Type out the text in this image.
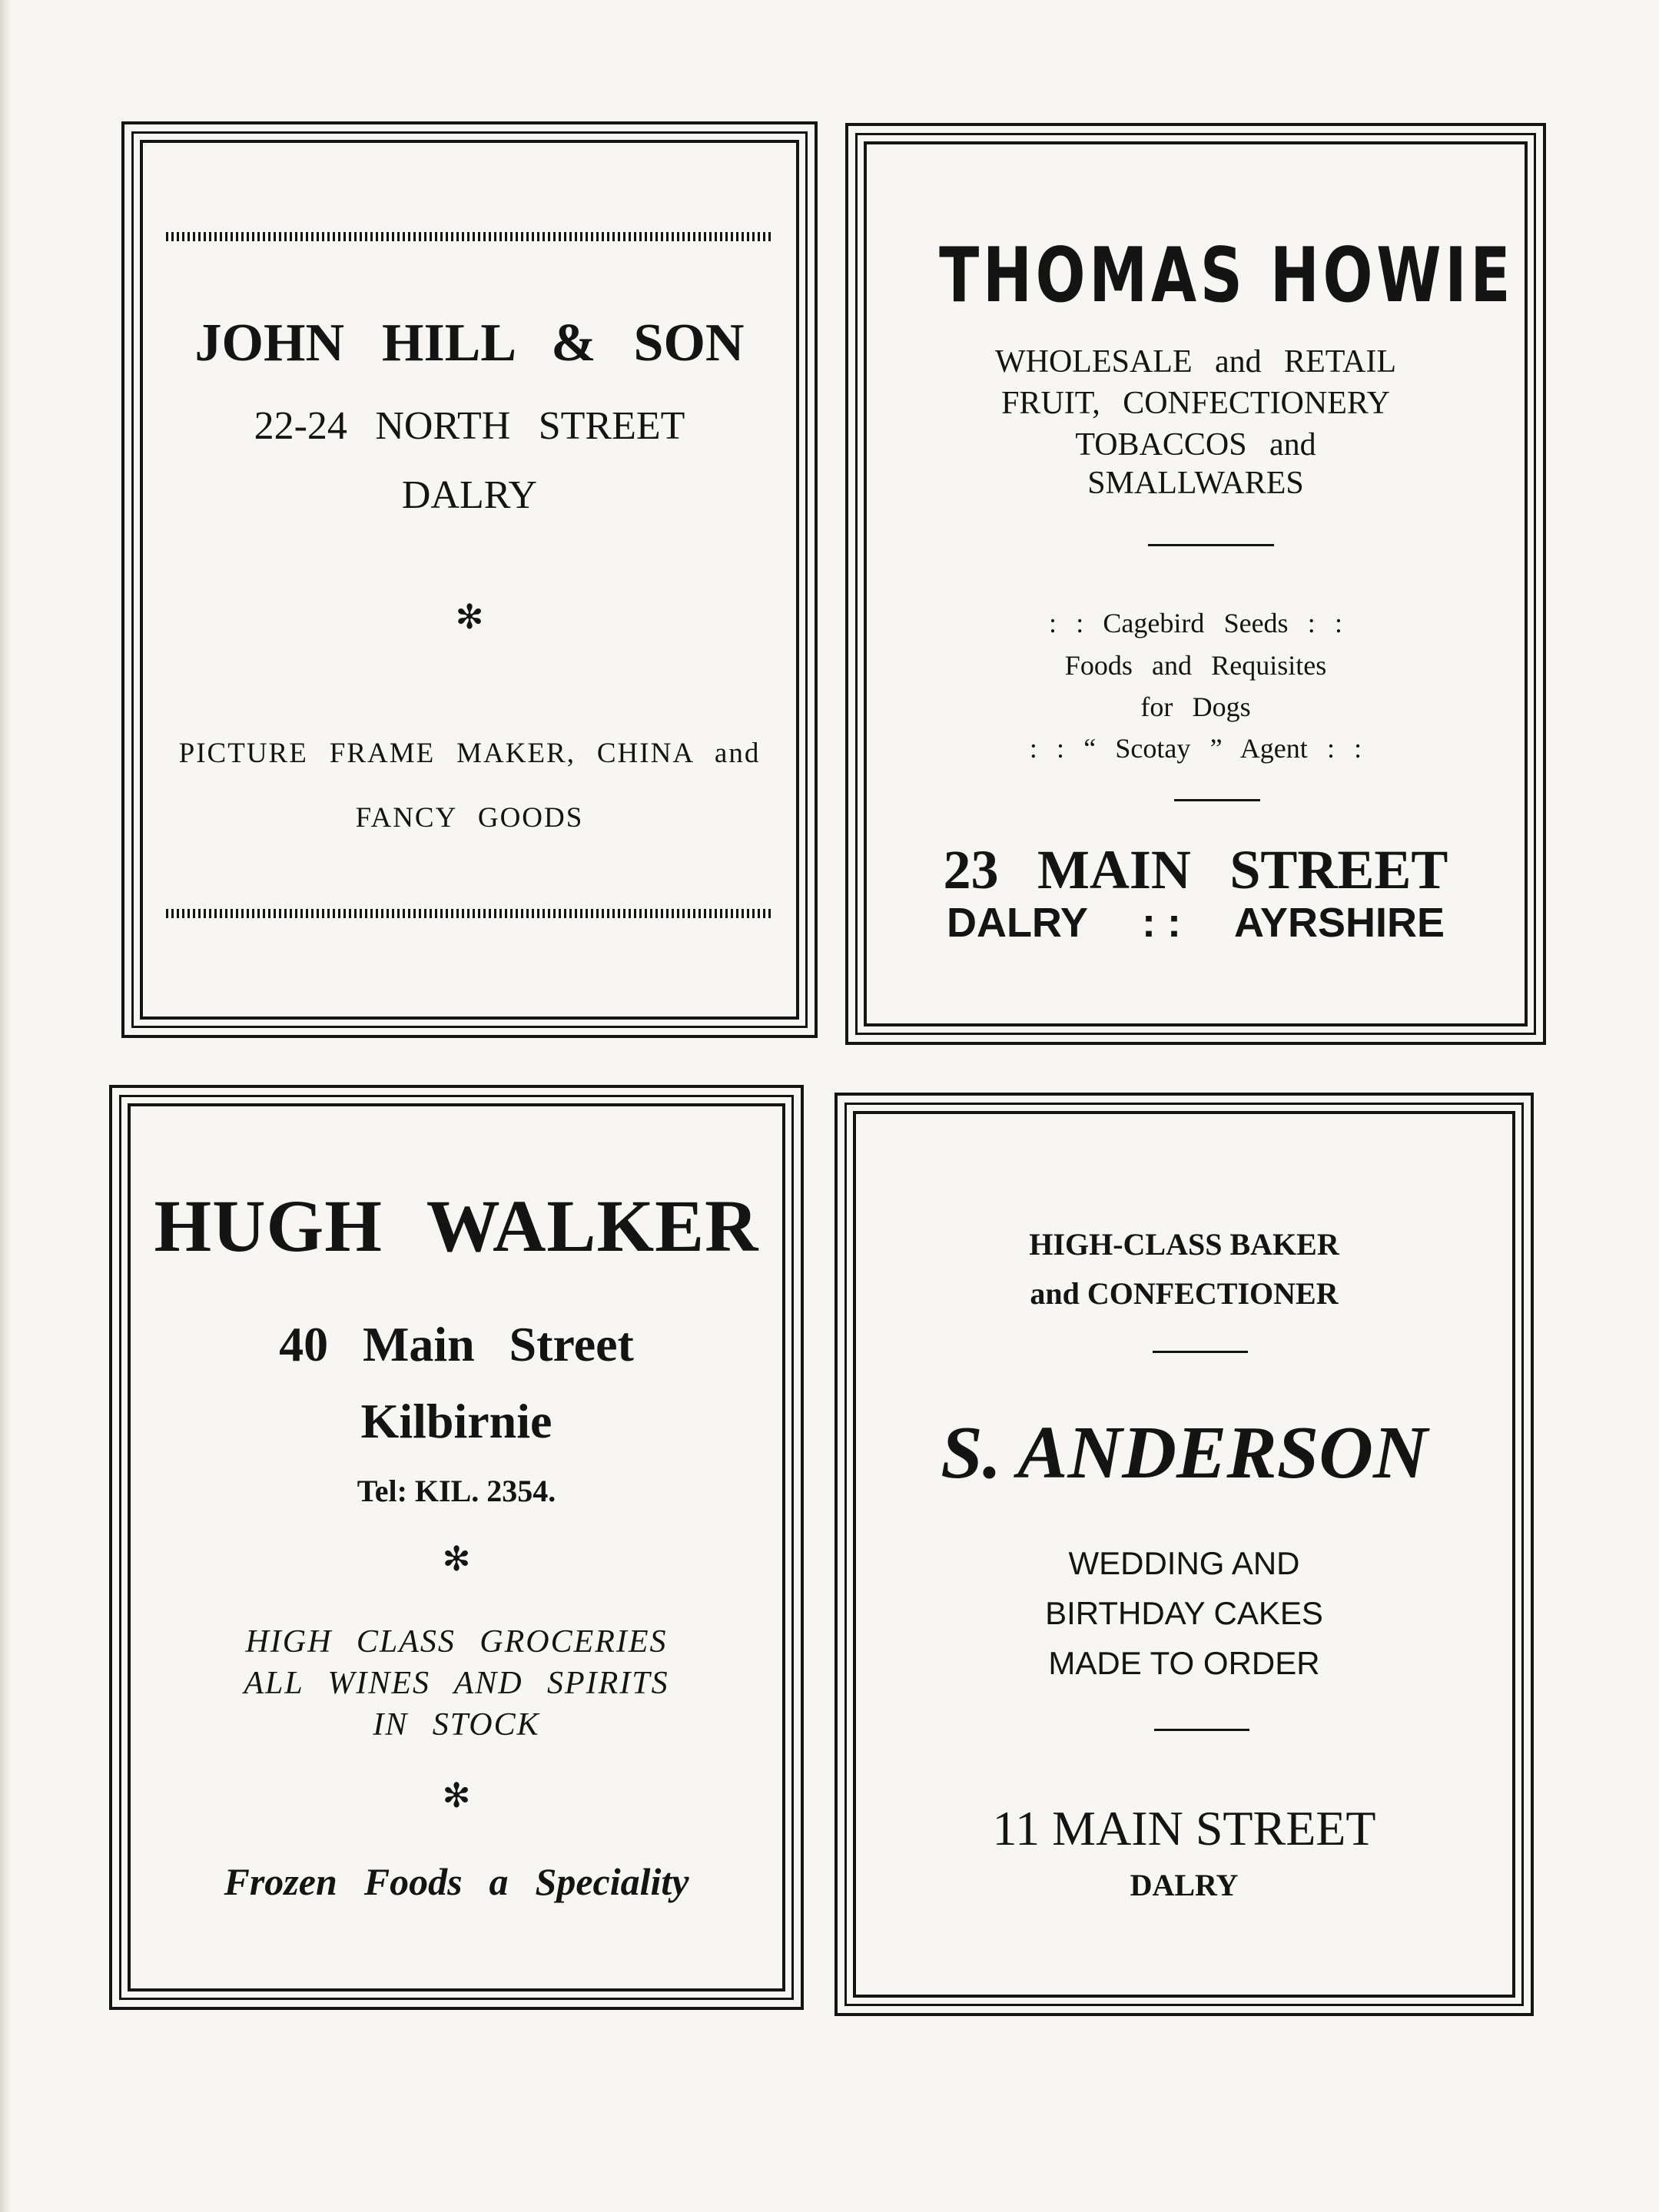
JOHN HILL & SON
22-24 NORTH STREET
DALRY
✻
PICTURE FRAME MAKER, CHINA and
FANCY GOODS
THOMAS HOWIE
WHOLESALE and RETAIL
FRUIT, CONFECTIONERY
TOBACCOS and
SMALLWARES
: : Cagebird Seeds : :
Foods and Requisites
for Dogs
: : “ Scotay ” Agent : :
23 MAIN STREET
DALRY : : AYRSHIRE
HUGH WALKER
40 Main Street
Kilbirnie
Tel: KIL. 2354.
✻
HIGH CLASS GROCERIES
ALL WINES AND SPIRITS
IN STOCK
✻
Frozen Foods a Speciality
HIGH-CLASS BAKER
and CONFECTIONER
S. ANDERSON
WEDDING AND
BIRTHDAY CAKES
MADE TO ORDER
11 MAIN STREET
DALRY
